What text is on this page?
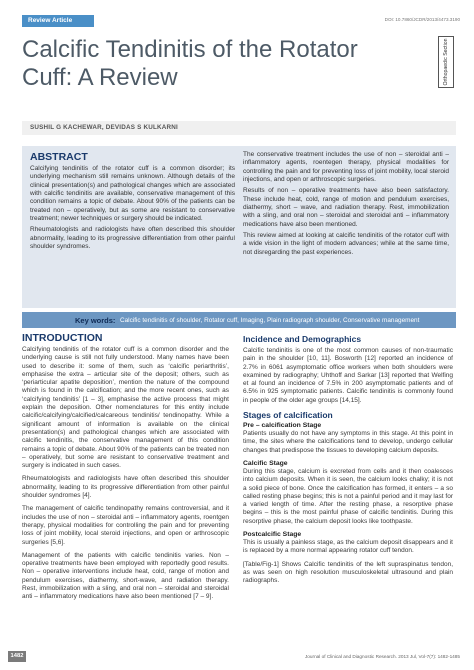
Review Article	DOI: 10.7860/JCDR/2013/4473.3190
Calcific Tendinitis of the Rotator Cuff: A Review	Orthopaedic Section
SUSHIL G KACHEWAR, DEVIDAS S KULKARNI
ABSTRACT
Calcifying tendinitis of the rotator cuff is a common disorder; its underlying mechanism still remains unknown. Although details of the clinical presentation(s) and pathological changes which are associated with calcific tendinitis are available, conservative management of this condition remains a topic of debate. About 90% of the patients can be treated non – operatively, but as some are resistant to conservative treatment; newer techniques or surgery should be indicated.
Rheumatologists and radiologists have often described this shoulder abnormality, leading to its progressive differentiation from other painful shoulder syndromes.
The conservative treatment includes the use of non – steroidal anti – inflammatory agents, roentegen therapy, physical modalities for controlling the pain and for preventing loss of joint mobility, local steroid injections, and open or arthroscopic surgeries.
Results of non – operative treatments have also been satisfactory. These include heat, cold, range of motion and pendulum exercises, diathermy, short – wave, and radiation therapy. Rest, immobilization with a sling, and oral non – steroidal and steroidal anti – inflammatory medications have also been mentioned.
This review aimed at looking at calcific tendinitis of the rotator cuff with a wide vision in the light of modern advances; while at the same time, not disregarding the past experiences.
Key words: Calcific tendinitis of shoulder, Rotator cuff, Imaging, Plain radiograph shoulder, Conservative management
INTRODUCTION
Calcifying tendinitis of the rotator cuff is a common disorder and the underlying cause is still not fully understood. Many names have been used to describe it: some of them, such as ‘calcific periarthritis’, emphasise the extra – articular site of the deposit; others, such as ‘periarticular apatite deposition’, mention the nature of the compound which is found in the calcification; and the more recent ones, such as ‘calcifying tendinitis’ [1 – 3], emphasise the active process that might explain the deposition. Other nomenclatures for this entity include calcific/calcifying/calcified/calcareous tendinitis/ tendinopathy. While a significant amount of information is available on the clinical presentation(s) and pathological changes which are associated with calcific tendinitis, the conservative management of this condition remains a topic of debate. About 90% of the patients can be treated non – operatively, but some are resistant to conservative treatment and surgery is indicated in such cases.
Rheumatologists and radiologists have often described this shoulder abnormality, leading to its progressive differentiation from other painful shoulder syndromes [4].
The management of calcific tendinopathy remains controversial, and it includes the use of non – steroidal anti – inflammatory agents, roentgen therapy, physical modalities for controlling the pain and for preventing loss of joint mobility, local steroid injections, and open or arthroscopic surgeries [5,6].
Management of the patients with calcific tendinitis varies. Non – operative treatments have been employed with reportedly good results. Non – operative interventions include heat, cold, range of motion and pendulum exercises, diathermy, short-wave, and radiation therapy. Rest, immobilization with a sling, and oral non – steroidal and steroidal anti – inflammatory medications have also been mentioned [7 – 9].
Incidence and Demographics
Calcific tendinitis is one of the most common causes of non-traumatic pain in the shoulder [10, 11]. Bosworth [12] reported an incidence of 2.7% in 6061 asymptomatic office workers when both shoulders were examined by radiography; Uhthoff and Sarkar [13] reported that Welfing et al found an incidence of 7.5% in 200 asymptomatic patients and of 6.5% in 925 symptomatic patients. Calcific tendinitis is commonly found in people of the older age groups [14,15].
Stages of calcification
Pre – calcification Stage
Patients usually do not have any symptoms in this stage. At this point in time, the sites where the calcifications tend to develop, undergo cellular changes that predispose the tissues to developing calcium deposits.
Calcific Stage
During this stage, calcium is excreted from cells and it then coalesces into calcium deposits. When it is seen, the calcium looks chalky; it is not a solid piece of bone. Once the calcification has formed, it enters – a so called resting phase begins; this is not a painful period and it may last for a varied length of time. After the resting phase, a resorptive phase begins – this is the most painful phase of calcific tendinitis. During this resorptive phase, the calcium deposit looks like toothpaste.
Postcalcific Stage
This is usually a painless stage, as the calcium deposit disappears and it is replaced by a more normal appearing rotator cuff tendon.
[Table/Fig-1] Shows Calcific tendinitis of the left supraspinatus tendon, as was seen on high resolution musculoskeletal ultrasound and plain radiographs.
1482	Journal of Clinical and Diagnostic Research. 2013 Jul, Vol-7(7): 1482-1485
